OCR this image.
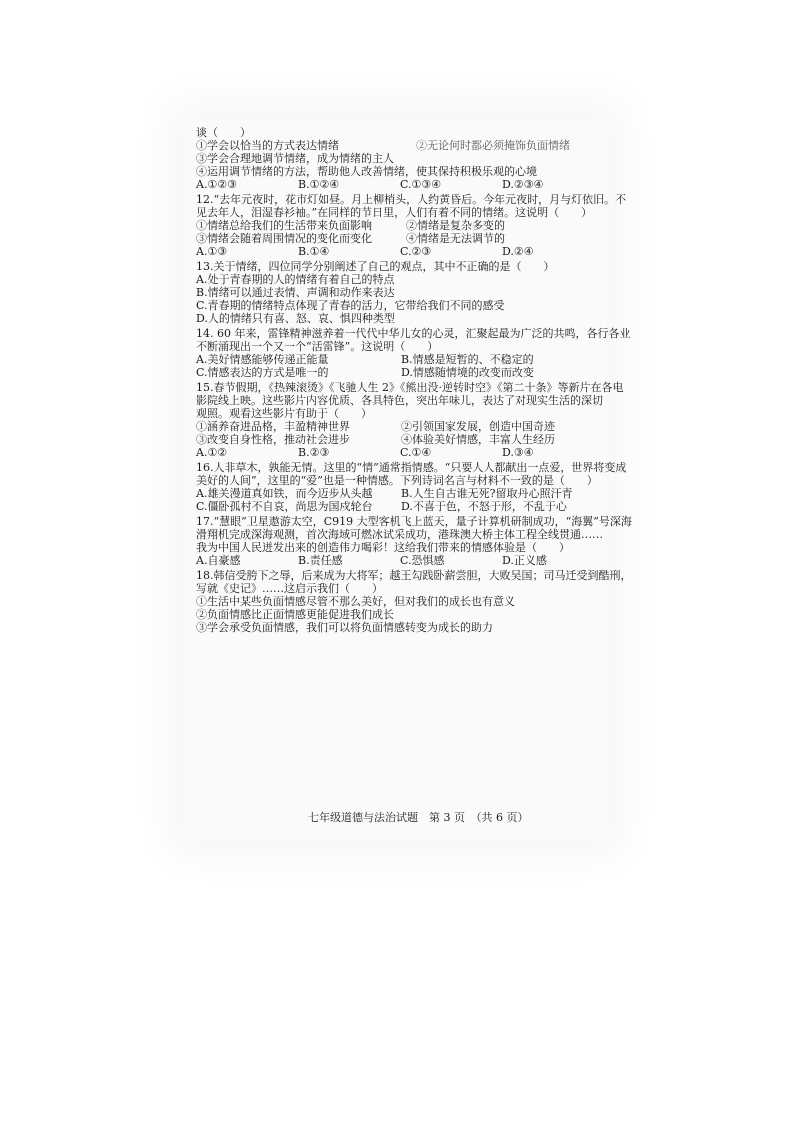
谈（　　）
①学会以恰当的方式表达情绪	②无论何时都必须掩饰负面情绪
③学会合理地调节情绪，成为情绪的主人
④运用调节情绪的方法，帮助他人改善情绪，使其保持积极乐观的心境
A.①②③	B.①②④	C.①③④	D.②③④
12.“去年元夜时，花市灯如昼。月上柳梢头，人约黄昏后。今年元夜时，月与灯依旧。不
见去年人，泪湿春衫袖。”在同样的节日里，人们有着不同的情绪。这说明（　　）
①情绪总给我们的生活带来负面影响	②情绪是复杂多变的
③情绪会随着周围情况的变化而变化	④情绪是无法调节的
A.①③	B.①④	C.②③	D.②④
13.关于情绪，四位同学分别阐述了自己的观点，其中不正确的是（　　）
A.处于青春期的人的情绪有着自己的特点
B.情绪可以通过表情、声调和动作来表达
C.青春期的情绪特点体现了青春的活力，它带给我们不同的感受
D.人的情绪只有喜、怒、哀、惧四种类型
14. 60 年来，雷锋精神滋养着一代代中华儿女的心灵，汇聚起最为广泛的共鸣，各行各业
不断涌现出一个又一个“活雷锋”。这说明（　　）
A.美好情感能够传递正能量	B.情感是短暂的、不稳定的
C.情感表达的方式是唯一的	D.情感随情境的改变而改变
15.春节假期，《热辣滚烫》《飞驰人生 2》《熊出没·逆转时空》《第二十条》等新片在各电
影院线上映。这些影片内容优质、各具特色，突出年味儿，表达了对现实生活的深切
观照。观看这些影片有助于（　　）
①涵养奋进品格，丰盈精神世界	②引领国家发展，创造中国奇迹
③改变自身性格，推动社会进步	④体验美好情感，丰富人生经历
A.①②	B.②③	C.①④	D.③④
16.人非草木，孰能无情。这里的“情”通常指情感。“只要人人都献出一点爱，世界将变成
美好的人间”，这里的“爱”也是一种情感。下列诗词名言与材料不一致的是（　　）
A.雄关漫道真如铁，而今迈步从头越	B.人生自古谁无死?留取丹心照汗青
C.僵卧孤村不自哀，尚思为国戍轮台	D.不喜于色，不怒于形，不乱于心
17.“慧眼”卫星遨游太空，C919 大型客机飞上蓝天，量子计算机研制成功，“海翼”号深海
滑翔机完成深海观测，首次海域可燃冰试采成功，港珠澳大桥主体工程全线贯通……
我为中国人民迸发出来的创造伟力喝彩！这给我们带来的情感体验是（　　）
A.自豪感	B.责任感	C.恐惧感	D.正义感
18.韩信受胯下之辱，后来成为大将军；越王勾践卧薪尝胆，大败吴国；司马迁受到酷刑，
写就《史记》……这启示我们（　　）
①生活中某些负面情感尽管不那么美好，但对我们的成长也有意义
②负面情感比正面情感更能促进我们成长
③学会承受负面情感，我们可以将负面情感转变为成长的助力
七年级道德与法治试题　第 3 页　（共 6 页）
